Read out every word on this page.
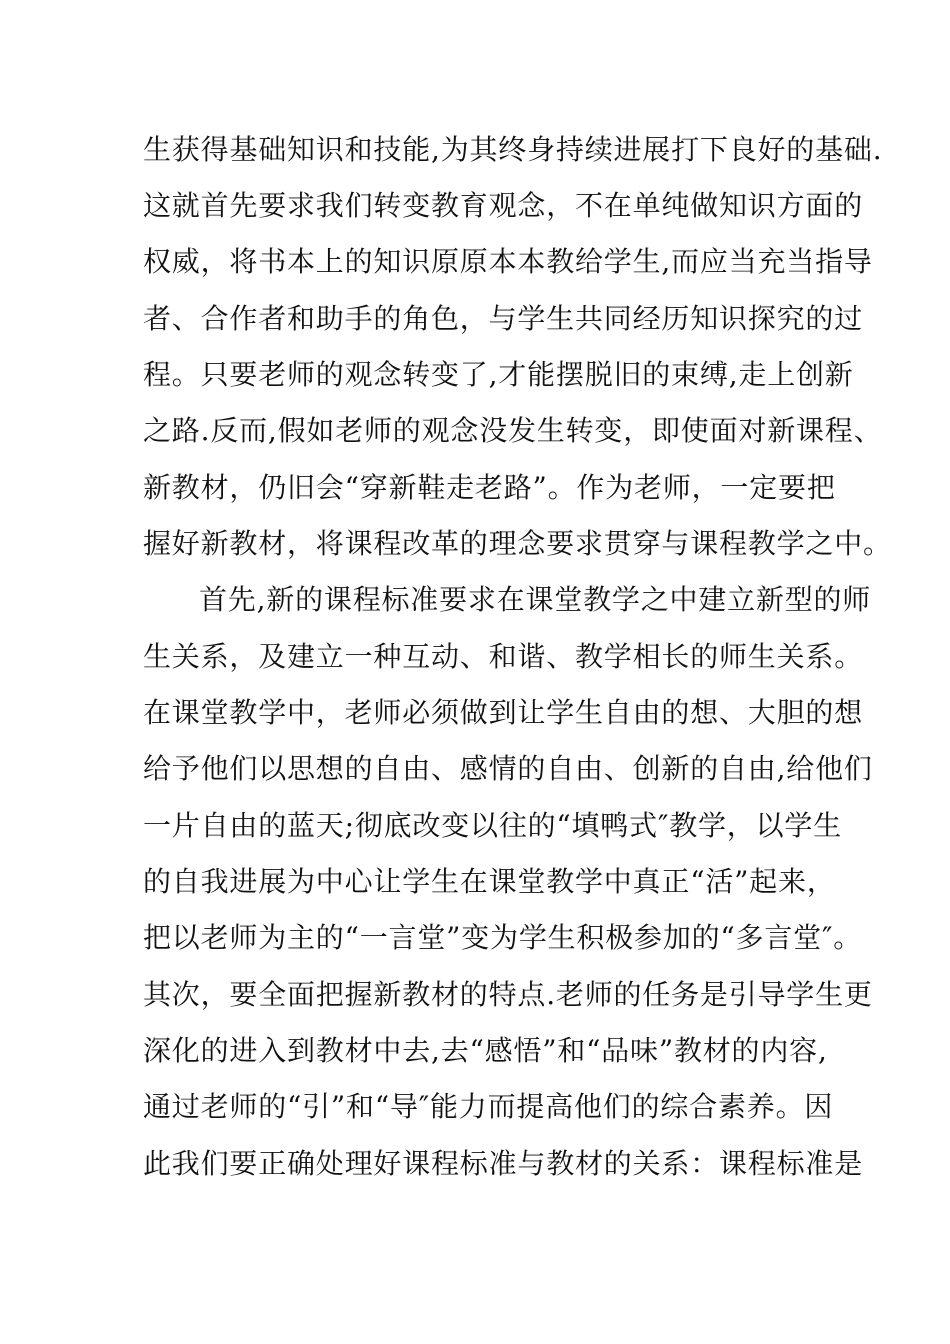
生获得基础知识和技能,为其终身持续进展打下良好的基础.
这就首先要求我们转变教育观念，不在单纯做知识方面的
权威，将书本上的知识原原本本教给学生,而应当充当指导
者、合作者和助手的角色，与学生共同经历知识探究的过
程。只要老师的观念转变了,才能摆脱旧的束缚,走上创新
之路.反而,假如老师的观念没发生转变，即使面对新课程、
新教材，仍旧会“穿新鞋走老路”。作为老师，一定要把
握好新教材，将课程改革的理念要求贯穿与课程教学之中。
首先,新的课程标准要求在课堂教学之中建立新型的师
生关系，及建立一种互动、和谐、教学相长的师生关系。
在课堂教学中，老师必须做到让学生自由的想、大胆的想
给予他们以思想的自由、感情的自由、创新的自由,给他们
一片自由的蓝天;彻底改变以往的“填鸭式″教学，以学生
的自我进展为中心让学生在课堂教学中真正“活”起来，
把以老师为主的“一言堂”变为学生积极参加的“多言堂″。
其次，要全面把握新教材的特点.老师的任务是引导学生更
深化的进入到教材中去,去“感悟”和“品味”教材的内容,
通过老师的“引”和“导″能力而提高他们的综合素养。因
此我们要正确处理好课程标准与教材的关系：课程标准是
